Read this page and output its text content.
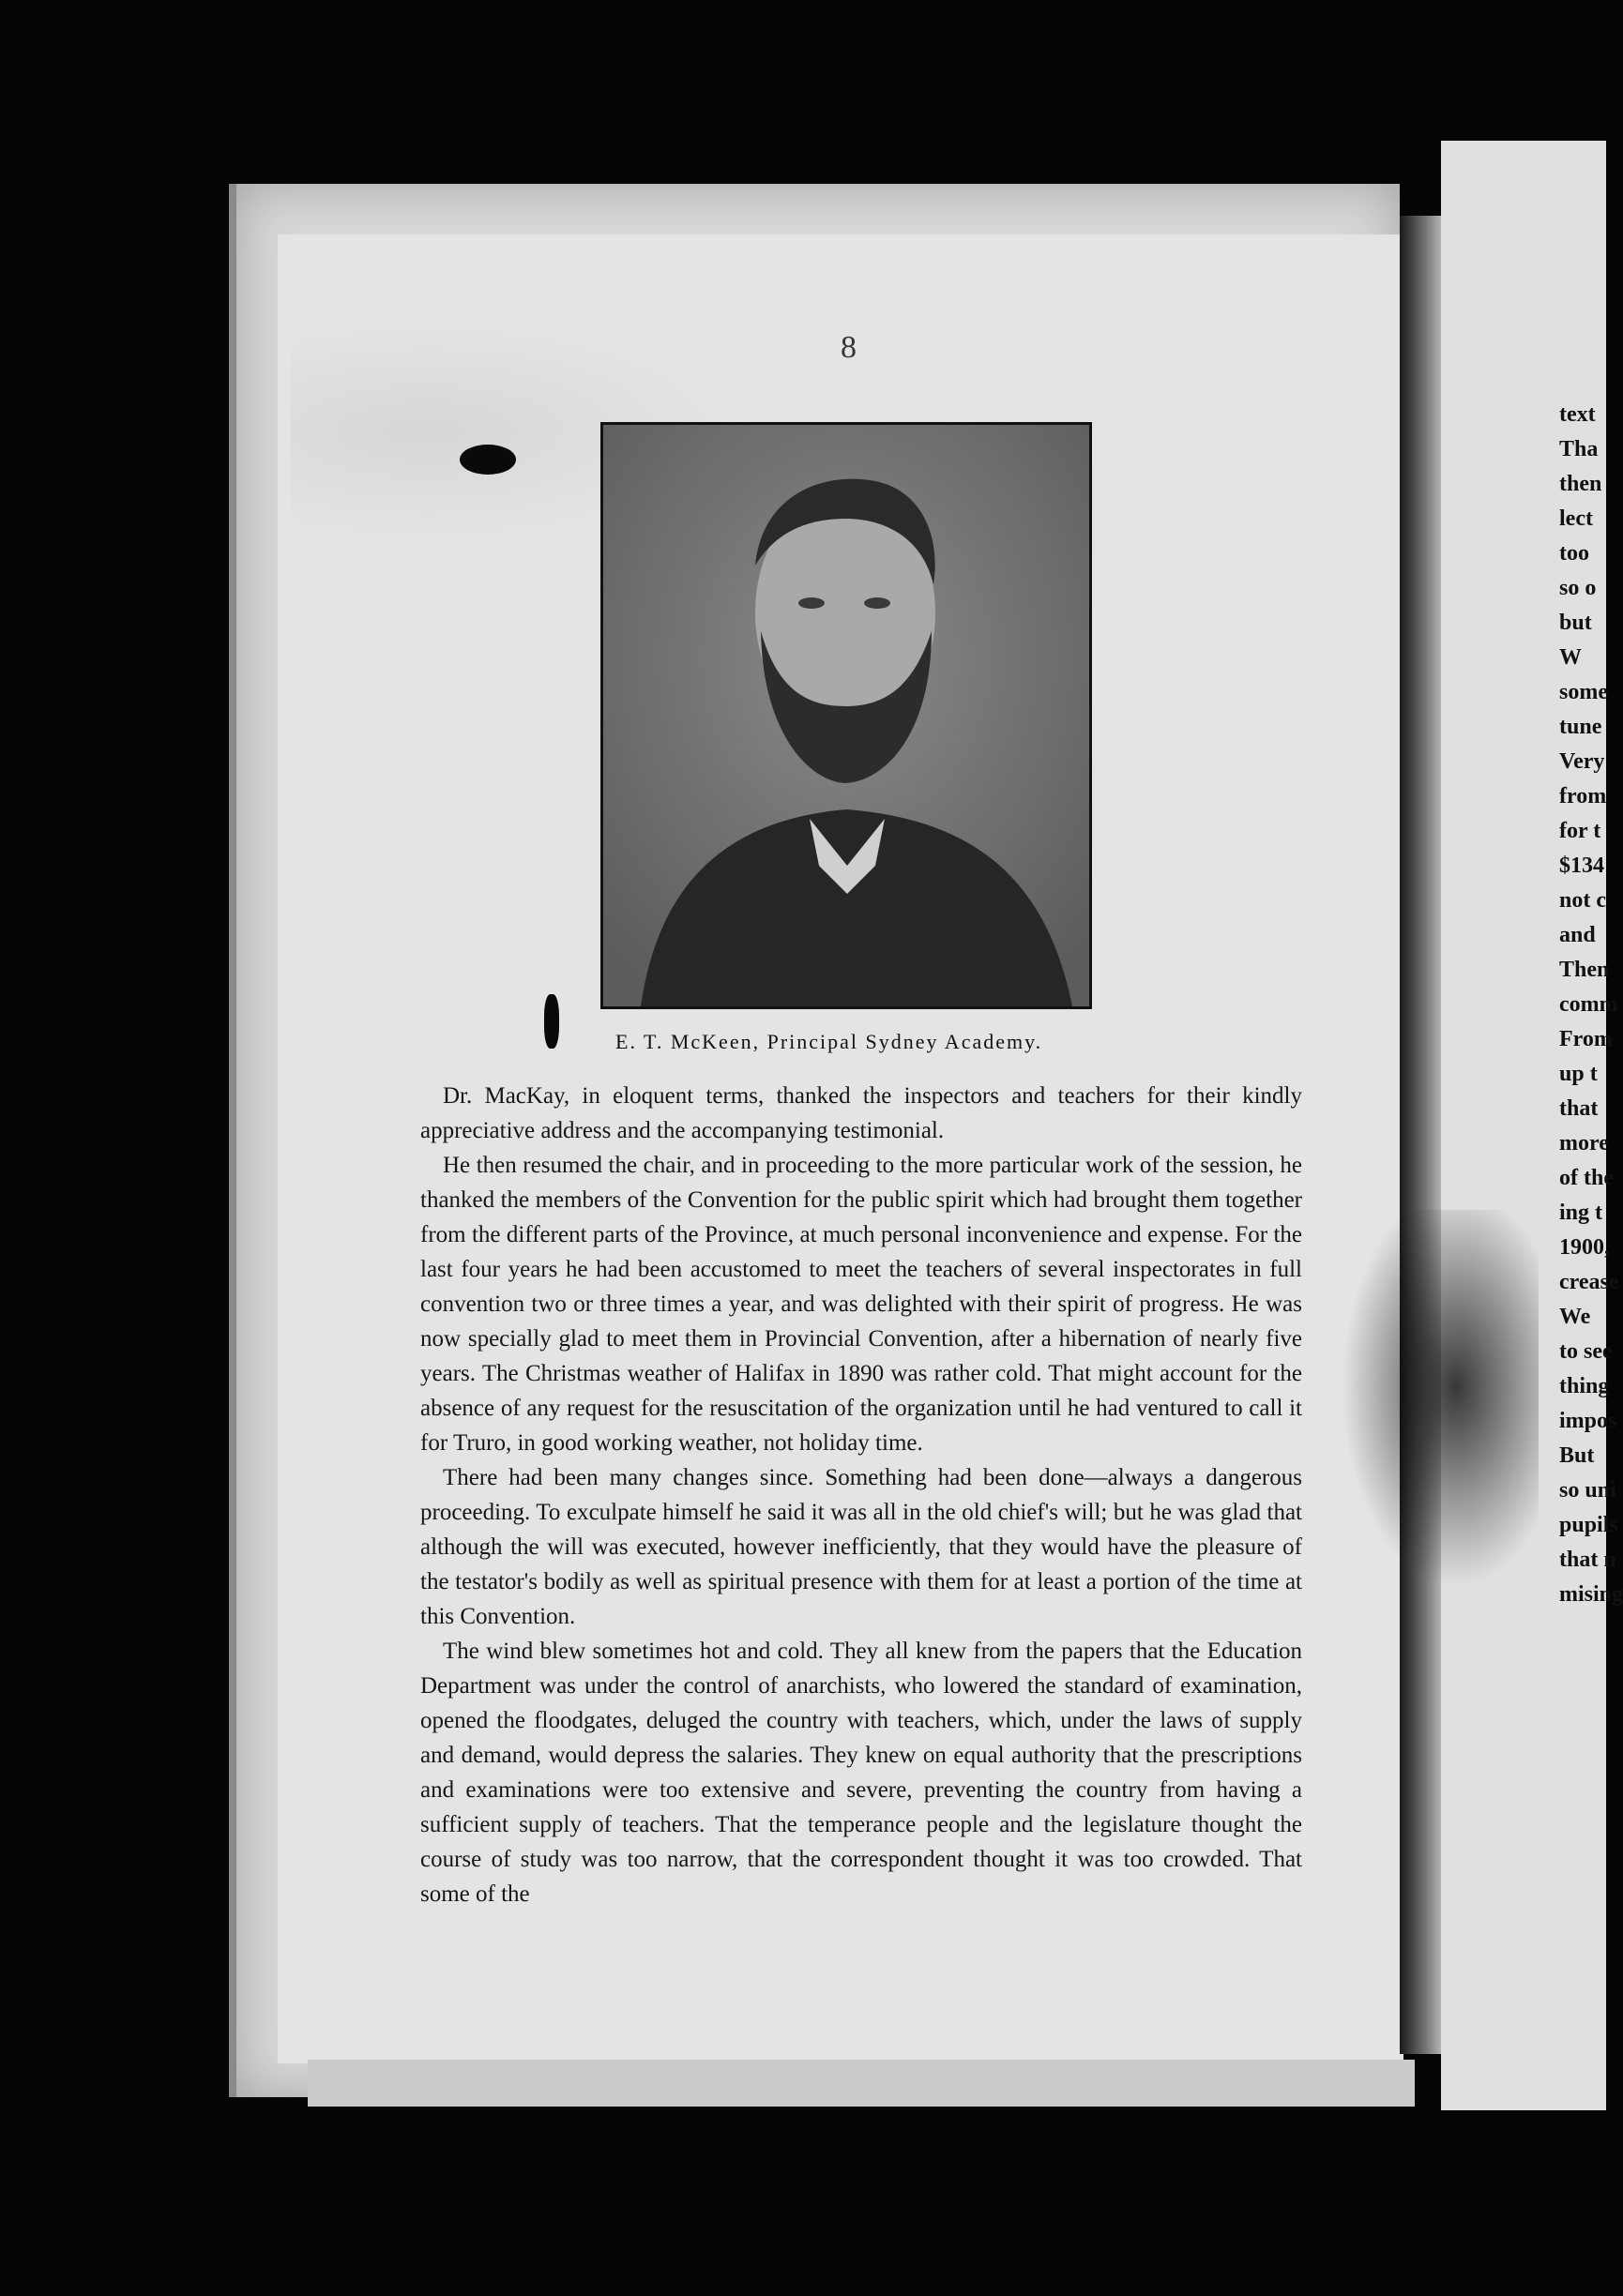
8
E. T. McKeen, Principal Sydney Academy.

Dr. MacKay, in eloquent terms, thanked the inspectors and teachers for their kindly appreciative address and the accompanying testimonial.

He then resumed the chair, and in proceeding to the more particular work of the session, he thanked the members of the Convention for the public spirit which had brought them together from the different parts of the Province, at much personal inconvenience and expense. For the last four years he had been accustomed to meet the teachers of several inspectorates in full convention two or three times a year, and was delighted with their spirit of progress. He was now specially glad to meet them in Provincial Convention, after a hibernation of nearly five years. The Christmas weather of Halifax in 1890 was rather cold. That might account for the absence of any request for the resuscitation of the organization until he had ventured to call it for Truro, in good working weather, not holiday time.

There had been many changes since. Something had been done—always a dangerous proceeding. To exculpate himself he said it was all in the old chief's will; but he was glad that although the will was executed, however inefficiently, that they would have the pleasure of the testator's bodily as well as spiritual presence with them for at least a portion of the time at this Convention.

The wind blew sometimes hot and cold. They all knew from the papers that the Education Department was under the control of anarchists, who lowered the standard of examination, opened the floodgates, deluged the country with teachers, which, under the laws of supply and demand, would depress the salaries. They knew on equal authority that the prescriptions and examinations were too extensive and severe, preventing the country from having a sufficient supply of teachers. That the temperance people and the legislature thought the course of study was too narrow, that the correspondent thought it was too crowded. That some of the

text
Tha
then
lect
too
so o
but
W
some
tune
Very
from
for t
$134
not c
and
Then
comm
From
up t
that
more
of the
ing t
1900,
crease
We
to see
thing
impos
But
so uni
pupils
that n
mising
